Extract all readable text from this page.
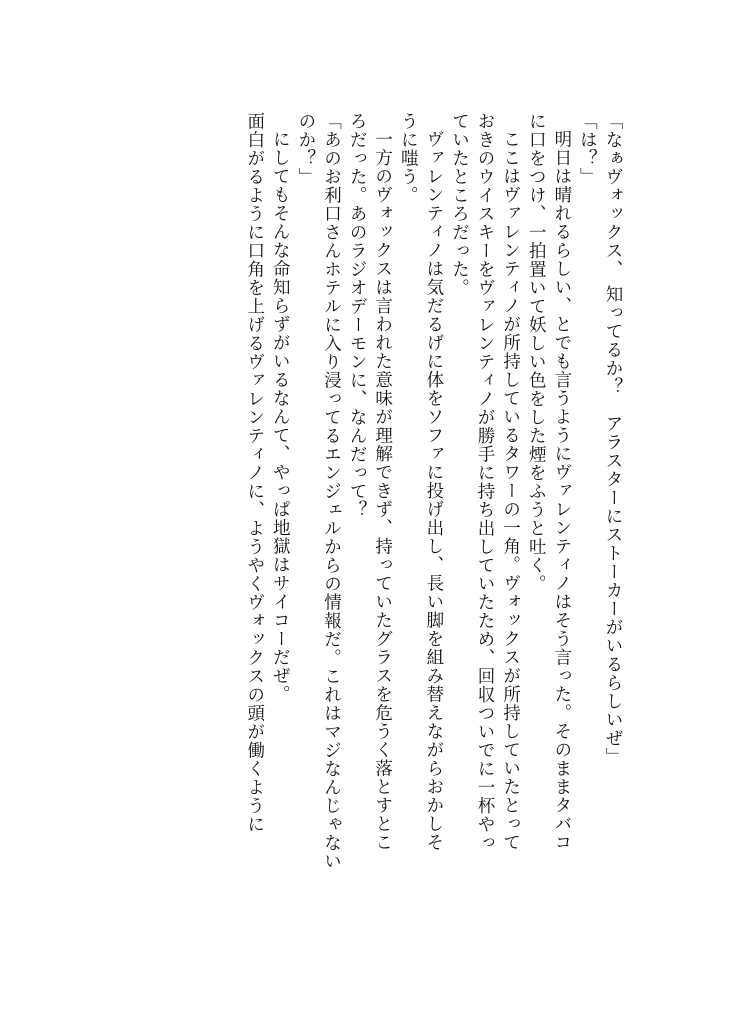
「なぁヴォックス、 知ってるか？　アラスターにストーカーがいるらしいぜ」
「は？」
明日は晴れるらしい、とでも言うようにヴァレンティノはそう言った。そのままタバコ
に口をつけ、一拍置いて妖しい色をした煙をふうと吐く。
ここはヴァレンティノが所持しているタワーの一角。ヴォックスが所持していたとって
おきのウイスキーをヴァレンティノが勝手に持ち出していたため、回収ついでに一杯やっ
ていたところだった。
ヴァレンティノは気だるげに体をソファに投げ出し、長い脚を組み替えながらおかしそ
うに嗤う。
一方のヴォックスは言われた意味が理解できず、持っていたグラスを危うく落とすとこ
ろだった。あのラジオデーモンに、なんだって？
「あのお利口さんホテルに入り浸ってるエンジェルからの情報だ。これはマジなんじゃない
のか？」
にしてもそんな命知らずがいるなんて、やっぱ地獄はサイコーだぜ。
面白がるように口角を上げるヴァレンティノに、ようやくヴォックスの頭が働くように
